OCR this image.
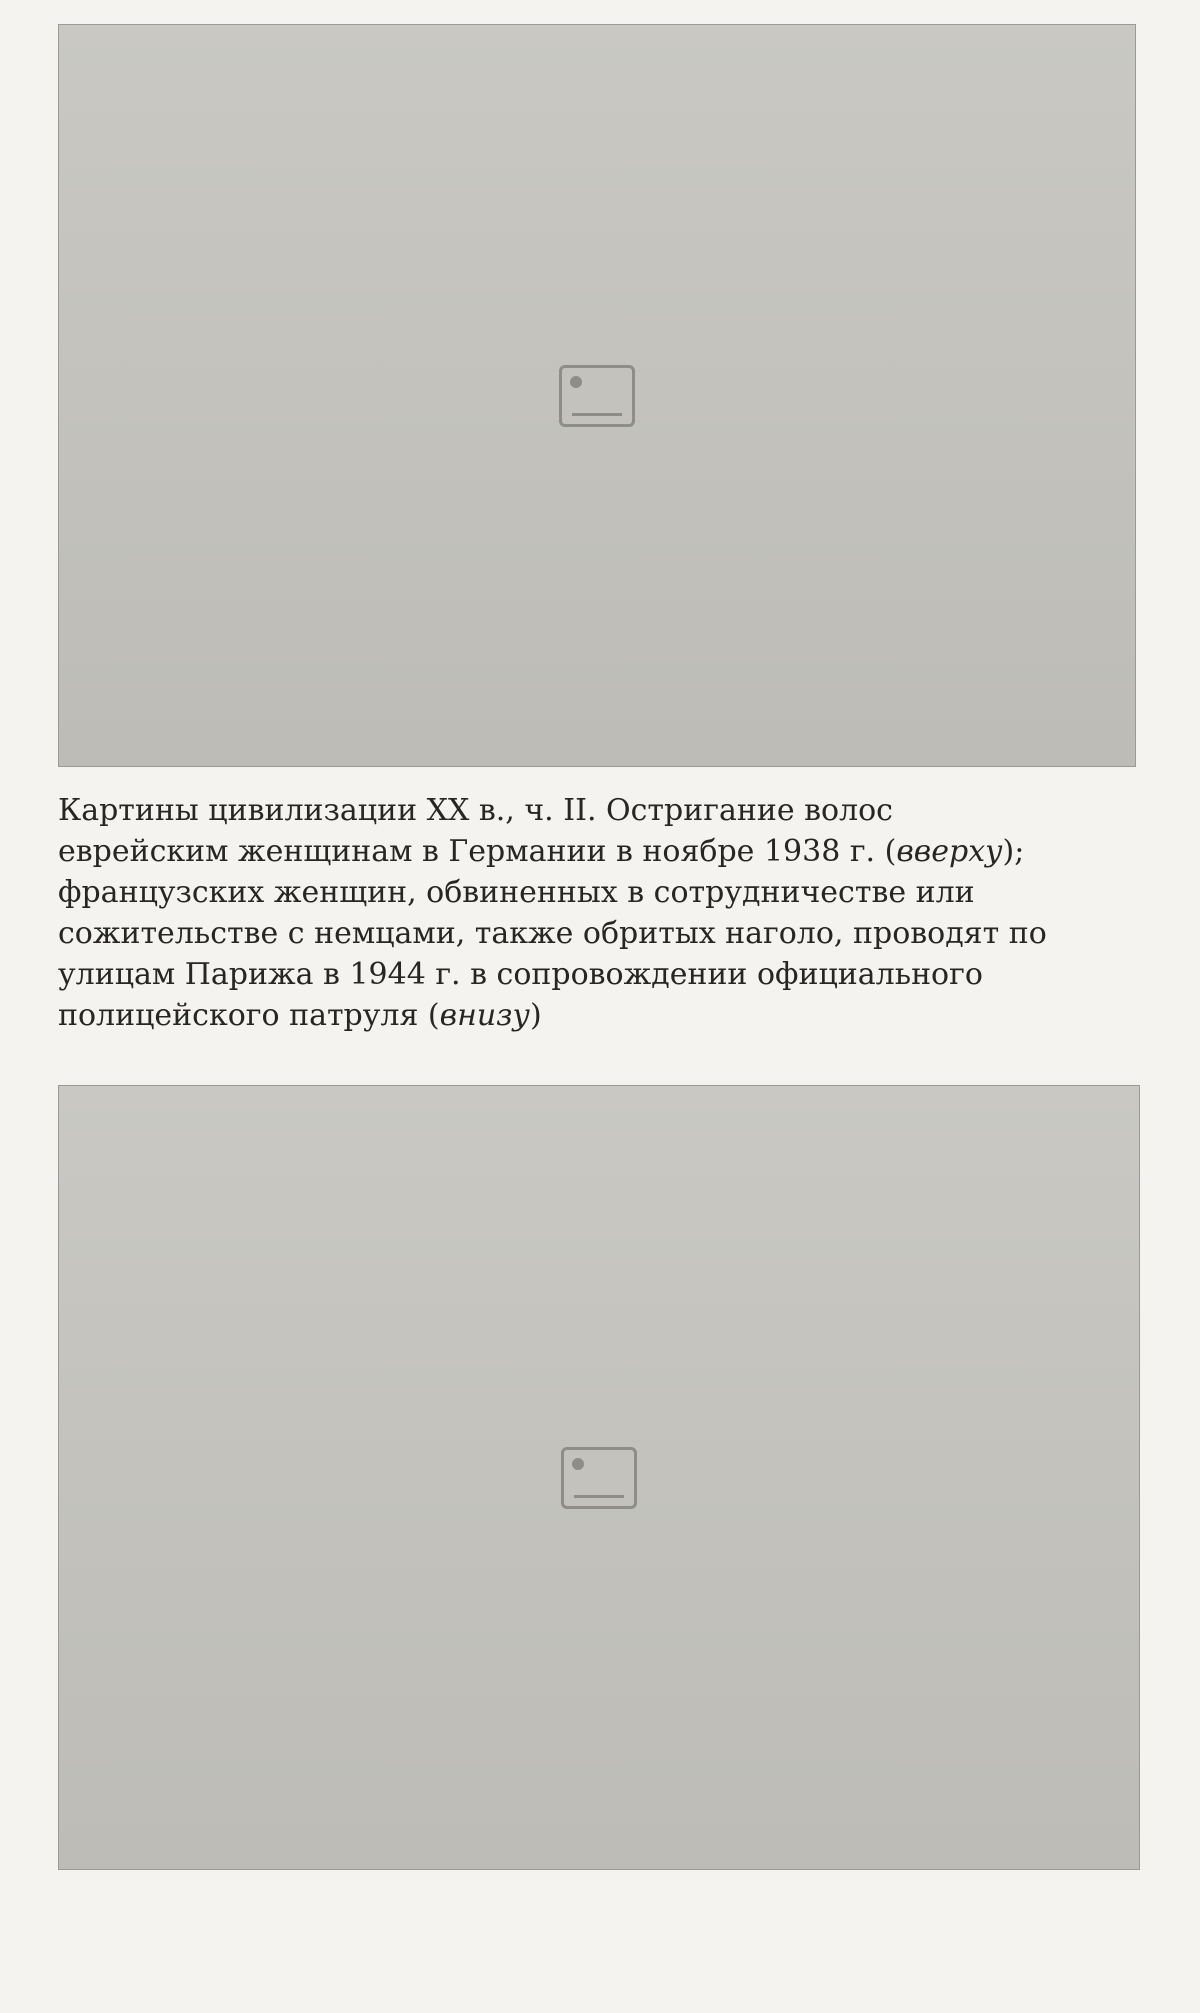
Картины цивилизации XX в., ч. II. Остригание волос
еврейским женщинам в Германии в ноябре 1938 г. (вверху);
французских женщин, обвиненных в сотрудничестве или
сожительстве с немцами, также обритых наголо, проводят по
улицам Парижа в 1944 г. в сопровождении официального
полицейского патруля (внизу)
